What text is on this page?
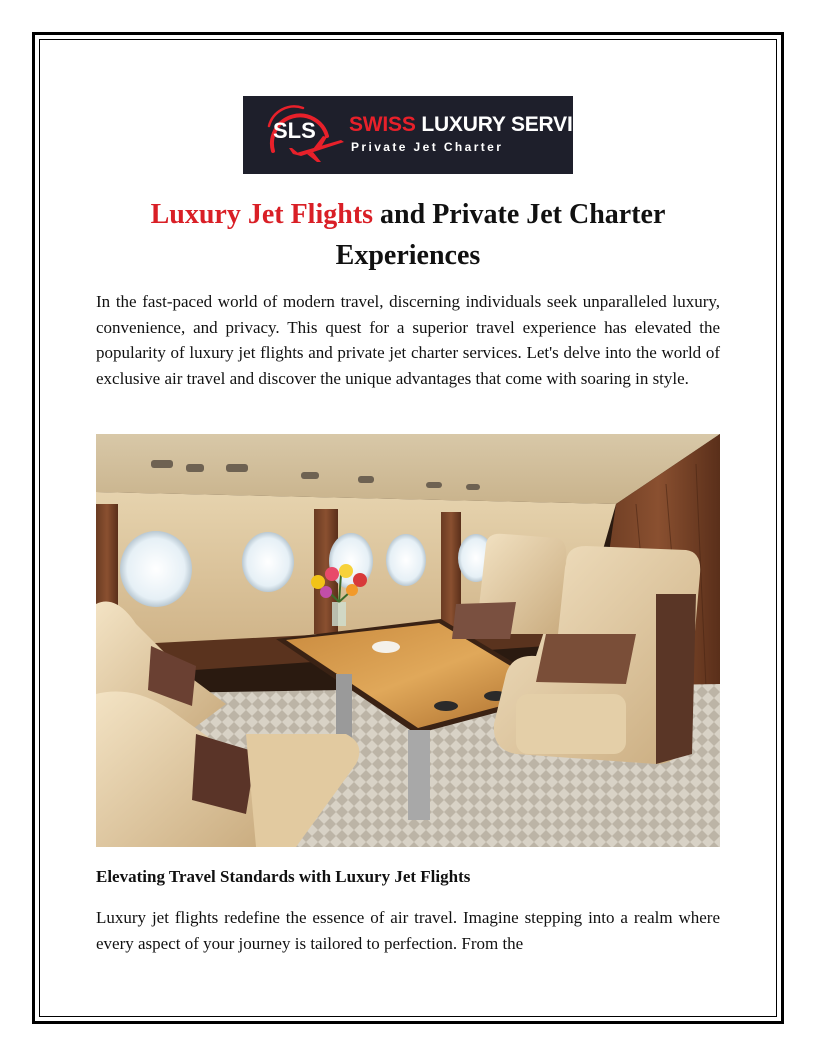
SLS SWISS LUXURY SERVICES
Private Jet Charter
Luxury Jet Flights and Private Jet Charter Experiences

In the fast-paced world of modern travel, discerning individuals seek unparalleled luxury, convenience, and privacy. This quest for a superior travel experience has elevated the popularity of luxury jet flights and private jet charter services. Let's delve into the world of exclusive air travel and discover the unique advantages that come with soaring in style.

Elevating Travel Standards with Luxury Jet Flights

Luxury jet flights redefine the essence of air travel. Imagine stepping into a realm where every aspect of your journey is tailored to perfection. From the
